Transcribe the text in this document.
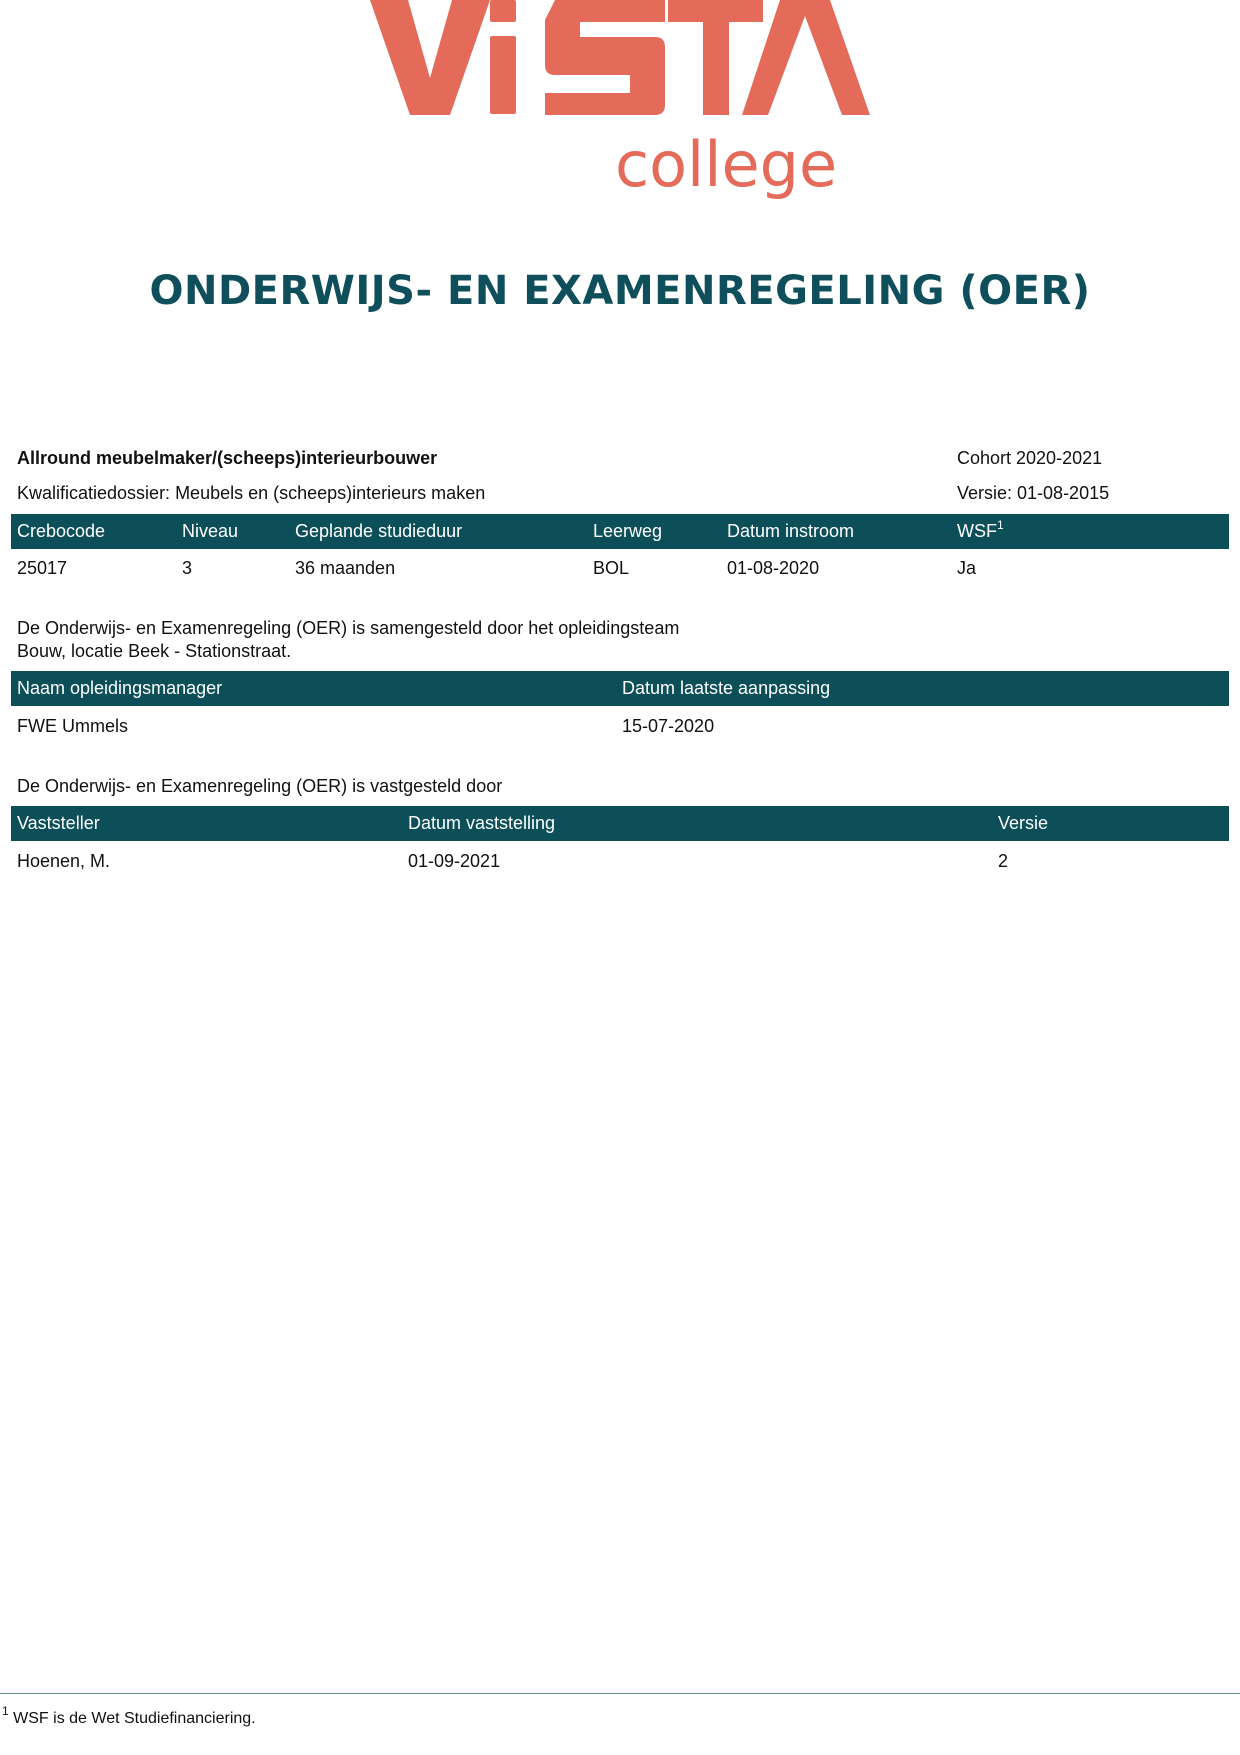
college
ONDERWIJS- EN EXAMENREGELING (OER)
Allround meubelmaker/(scheeps)interieurbouwer	Cohort 2020-2021
Kwalificatiedossier: Meubels en (scheeps)interieurs maken	Versie: 01-08-2015
Crebocode	Niveau	Geplande studieduur	Leerweg	Datum instroom	WSF$^1$
25017	3	36 maanden	BOL	01-08-2020	Ja
De Onderwijs- en Examenregeling (OER) is samengesteld door het opleidingsteam
Bouw, locatie Beek - Stationstraat.
Naam opleidingsmanager	Datum laatste aanpassing
FWE Ummels	15-07-2020
De Onderwijs- en Examenregeling (OER) is vastgesteld door
Vaststeller	Datum vaststelling	Versie
Hoenen, M.	01-09-2021	2
$^1$ WSF is de Wet Studiefinanciering.
